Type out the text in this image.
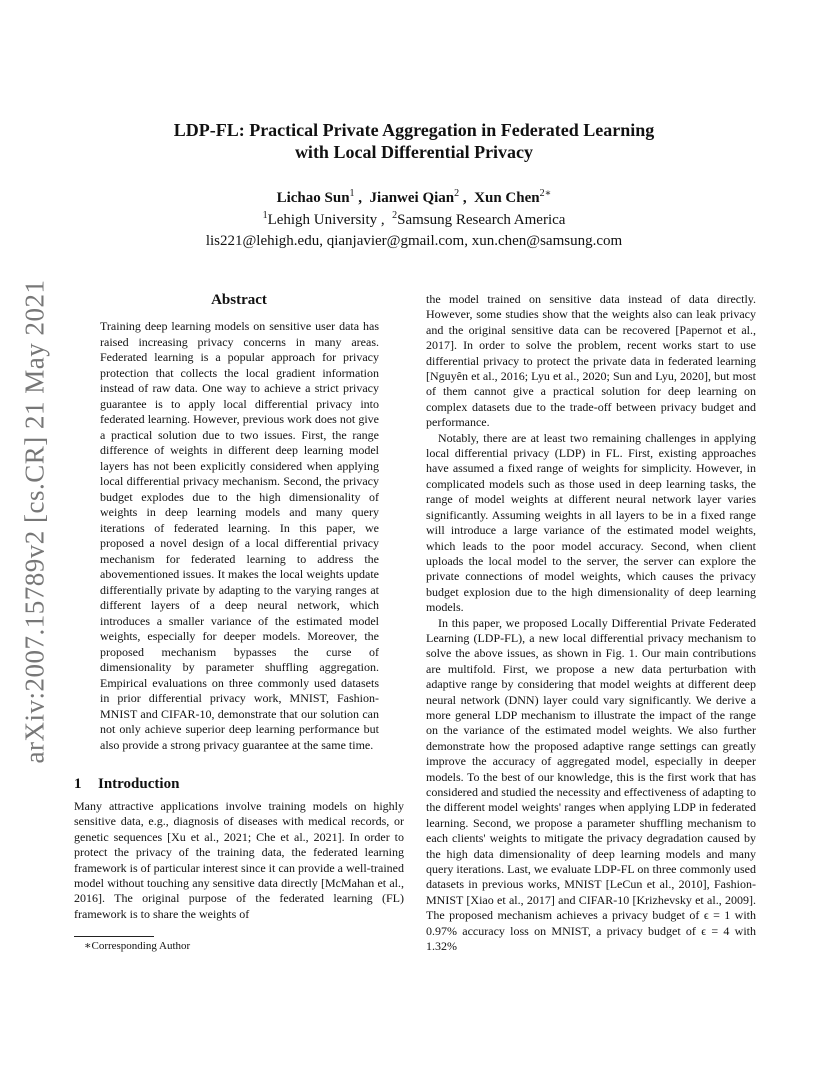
arXiv:2007.15789v2 [cs.CR] 21 May 2021
LDP-FL: Practical Private Aggregation in Federated Learning
with Local Differential Privacy
Lichao Sun$^1$ ,  Jianwei Qian$^2$ ,  Xun Chen$^{2∗}$
$^1$Lehigh University ,  $^2$Samsung Research America
lis221@lehigh.edu, qianjavier@gmail.com, xun.chen@samsung.com
Abstract

Training deep learning models on sensitive user data has raised increasing privacy concerns in many areas. Federated learning is a popular approach for privacy protection that collects the local gradient information instead of raw data. One way to achieve a strict privacy guarantee is to apply local differential privacy into federated learning. However, previous work does not give a practical solution due to two issues. First, the range difference of weights in different deep learning model layers has not been explicitly considered when applying local differential privacy mechanism. Second, the privacy budget explodes due to the high dimensionality of weights in deep learning models and many query iterations of federated learning. In this paper, we proposed a novel design of a local differential privacy mechanism for federated learning to address the abovementioned issues. It makes the local weights update differentially private by adapting to the varying ranges at different layers of a deep neural network, which introduces a smaller variance of the estimated model weights, especially for deeper models. Moreover, the proposed mechanism bypasses the curse of dimensionality by parameter shuffling aggregation. Empirical evaluations on three commonly used datasets in prior differential privacy work, MNIST, Fashion-MNIST and CIFAR-10, demonstrate that our solution can not only achieve superior deep learning performance but also provide a strong privacy guarantee at the same time.

1 Introduction

Many attractive applications involve training models on highly sensitive data, e.g., diagnosis of diseases with medical records, or genetic sequences [Xu et al., 2021; Che et al., 2021]. In order to protect the privacy of the training data, the federated learning framework is of particular interest since it can provide a well-trained model without touching any sensitive data directly [McMahan et al., 2016]. The original purpose of the federated learning (FL) framework is to share the weights of

the model trained on sensitive data instead of data directly. However, some studies show that the weights also can leak privacy and the original sensitive data can be recovered [Papernot et al., 2017]. In order to solve the problem, recent works start to use differential privacy to protect the private data in federated learning [Nguyên et al., 2016; Lyu et al., 2020; Sun and Lyu, 2020], but most of them cannot give a practical solution for deep learning on complex datasets due to the trade-off between privacy budget and performance.

Notably, there are at least two remaining challenges in applying local differential privacy (LDP) in FL. First, existing approaches have assumed a fixed range of weights for simplicity. However, in complicated models such as those used in deep learning tasks, the range of model weights at different neural network layer varies significantly. Assuming weights in all layers to be in a fixed range will introduce a large variance of the estimated model weights, which leads to the poor model accuracy. Second, when client uploads the local model to the server, the server can explore the private connections of model weights, which causes the privacy budget explosion due to the high dimensionality of deep learning models.

In this paper, we proposed Locally Differential Private Federated Learning (LDP-FL), a new local differential privacy mechanism to solve the above issues, as shown in Fig. 1. Our main contributions are multifold. First, we propose a new data perturbation with adaptive range by considering that model weights at different deep neural network (DNN) layer could vary significantly. We derive a more general LDP mechanism to illustrate the impact of the range on the variance of the estimated model weights. We also further demonstrate how the proposed adaptive range settings can greatly improve the accuracy of aggregated model, especially in deeper models. To the best of our knowledge, this is the first work that has considered and studied the necessity and effectiveness of adapting to the different model weights' ranges when applying LDP in federated learning. Second, we propose a parameter shuffling mechanism to each clients' weights to mitigate the privacy degradation caused by the high data dimensionality of deep learning models and many query iterations. Last, we evaluate LDP-FL on three commonly used datasets in previous works, MNIST [LeCun et al., 2010], Fashion-MNIST [Xiao et al., 2017] and CIFAR-10 [Krizhevsky et al., 2009]. The proposed mechanism achieves a privacy budget of ϵ = 1 with 0.97% accuracy loss on MNIST, a privacy budget of ϵ = 4 with 1.32%

∗Corresponding Author
